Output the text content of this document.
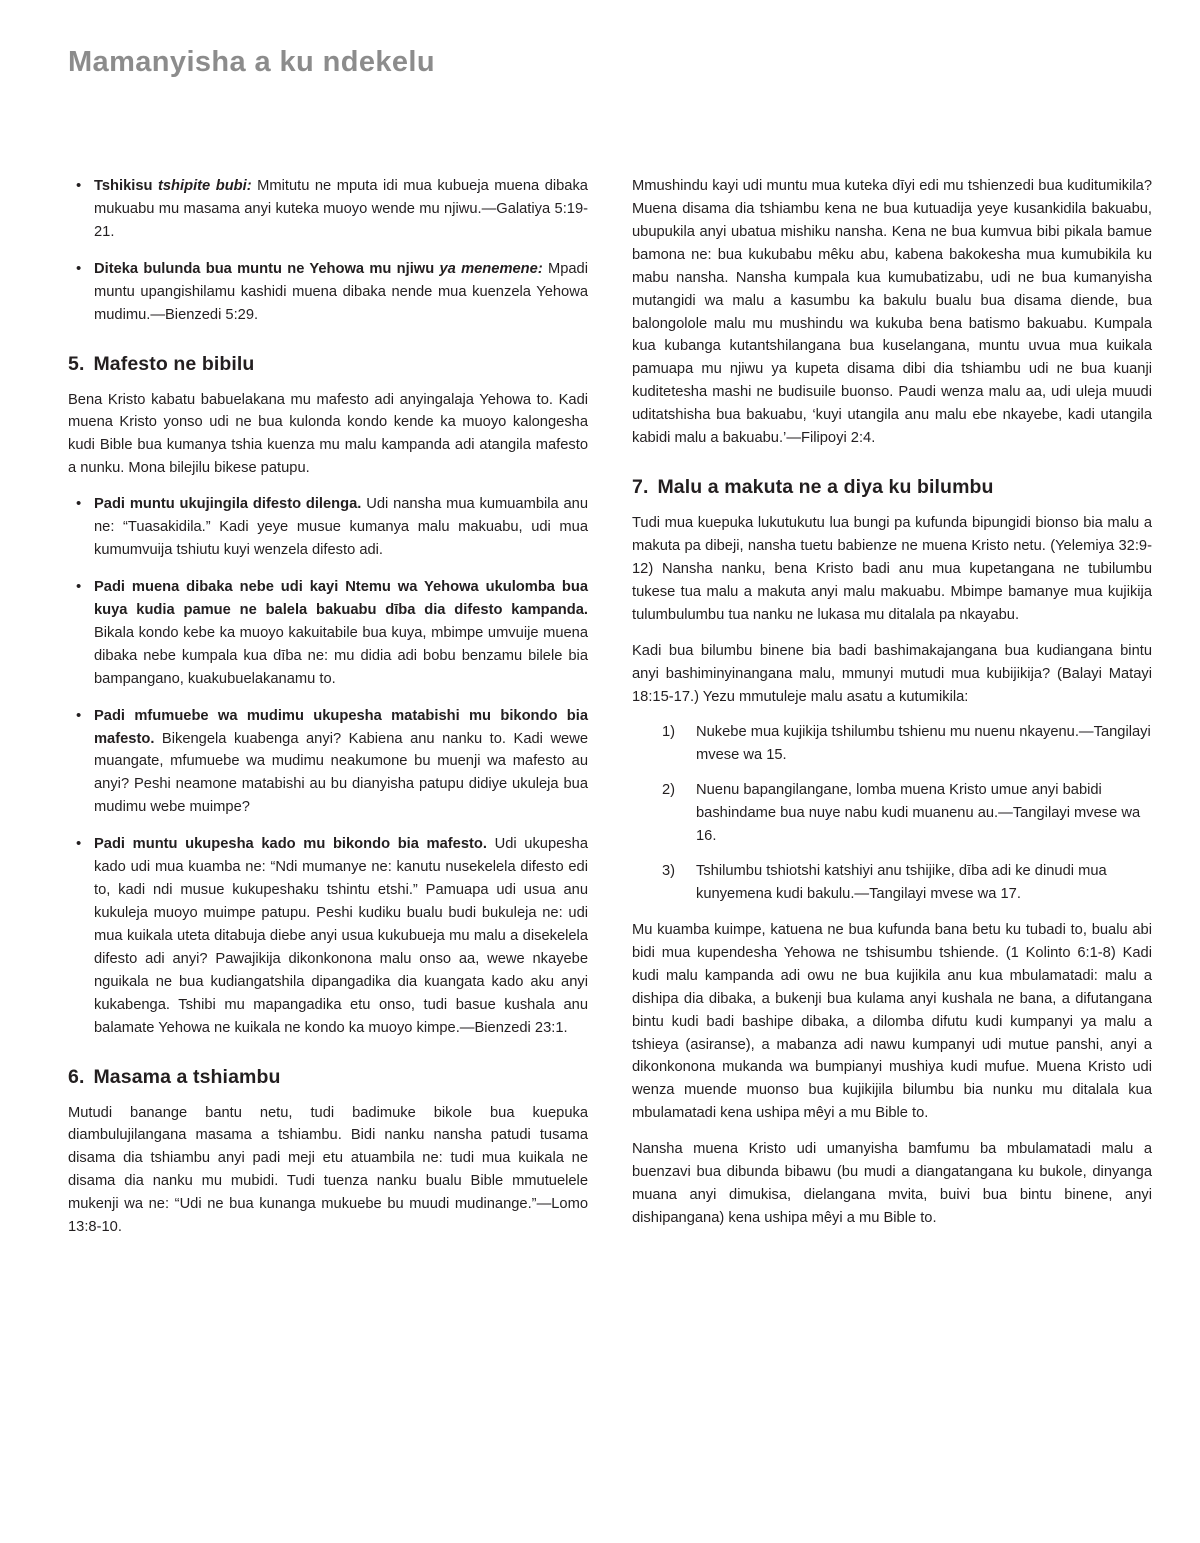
Mamanyisha a ku ndekelu
• Tshikisu tshipite bubi: Mmitutu ne mputa idi mua kubueja muena dibaka mukuabu mu masama anyi kuteka muoyo wende mu njiwu.—Galatiya 5:19-21.
• Diteka bulunda bua muntu ne Yehowa mu njiwu ya menemene: Mpadi muntu upangishilamu kashidi muena dibaka nende mua kuenzela Yehowa mudimu.—Bienzedi 5:29.
5. Mafesto ne bibilu

Bena Kristo kabatu babuelakana mu mafesto adi anyingalaja Yehowa to. Kadi muena Kristo yonso udi ne bua kulonda kondo kende ka muoyo kalongesha kudi Bible bua kumanya tshia kuenza mu malu kampanda adi atangila mafesto a nunku. Mona bilejilu bikese patupu.

• Padi muntu ukujingila difesto dilenga. Udi nansha mua kumuambila anu ne: “Tuasakidila.” Kadi yeye musue kumanya malu makuabu, udi mua kumumvuija tshiutu kuyi wenzela difesto adi.
• Padi muena dibaka nebe udi kayi Ntemu wa Yehowa ukulomba bua kuya kudia pamue ne balela bakuabu dība dia difesto kampanda. Bikala kondo kebe ka muoyo kakuitabile bua kuya, mbimpe umvuije muena dibaka nebe kumpala kua dība ne: mu didia adi bobu benzamu bilele bia bampangano, kuakubuelakanamu to.
• Padi mfumuebe wa mudimu ukupesha matabishi mu bikondo bia mafesto. Bikengela kuabenga anyi? Kabiena anu nanku to. Kadi wewe muangate, mfumuebe wa mudimu neakumone bu muenji wa mafesto au anyi? Peshi neamone matabishi au bu dianyisha patupu didiye ukuleja bua mudimu webe muimpe?
• Padi muntu ukupesha kado mu bikondo bia mafesto. Udi ukupesha kado udi mua kuamba ne: “Ndi mumanye ne: kanutu nusekelela difesto edi to, kadi ndi musue kukupeshaku tshintu etshi.” Pamuapa udi usua anu kukuleja muoyo muimpe patupu. Peshi kudiku bualu budi bukuleja ne: udi mua kuikala uteta ditabuja diebe anyi usua kukubueja mu malu a disekelela difesto adi anyi? Pawajikija dikonkonona malu onso aa, wewe nkayebe nguikala ne bua kudiangatshila dipangadika dia kuangata kado aku anyi kukabenga. Tshibi mu mapangadika etu onso, tudi basue kushala anu balamate Yehowa ne kuikala ne kondo ka muoyo kimpe.—Bienzedi 23:1.
6. Masama a tshiambu

Mutudi banange bantu netu, tudi badimuke bikole bua kuepuka diambulujilangana masama a tshiambu. Bidi nanku nansha patudi tusama disama dia tshiambu anyi padi meji etu atuambila ne: tudi mua kuikala ne disama dia nanku mu mubidi. Tudi tuenza nanku bualu Bible mmutuelele mukenji wa ne: “Udi ne bua kunanga mukuebe bu muudi mudinange.”—Lomo 13:8-10.

Mmushindu kayi udi muntu mua kuteka dīyi edi mu tshienzedi bua kuditumikila? Muena disama dia tshiambu kena ne bua kutuadija yeye kusankidila bakuabu, ubupukila anyi ubatua mishiku nansha. Kena ne bua kumvua bibi pikala bamue bamona ne: bua kukubabu mêku abu, kabena bakokesha mua kumubikila ku mabu nansha. Nansha kumpala kua kumubatizabu, udi ne bua kumanyisha mutangidi wa malu a kasumbu ka bakulu bualu bua disama diende, bua balongolole malu mu mushindu wa kukuba bena batismo bakuabu. Kumpala kua kubanga kutantshilangana bua kuselangana, muntu uvua mua kuikala pamuapa mu njiwu ya kupeta disama dibi dia tshiambu udi ne bua kuanji kuditetesha mashi ne budisuile buonso. Paudi wenza malu aa, udi uleja muudi uditatshisha bua bakuabu, ‘kuyi utangila anu malu ebe nkayebe, kadi utangila kabidi malu a bakuabu.’—Filipoyi 2:4.

7. Malu a makuta ne a diya ku bilumbu

Tudi mua kuepuka lukutukutu lua bungi pa kufunda bipungidi bionso bia malu a makuta pa dibeji, nansha tuetu babienze ne muena Kristo netu. (Yelemiya 32:9-12) Nansha nanku, bena Kristo badi anu mua kupetangana ne tubilumbu tukese tua malu a makuta anyi malu makuabu. Mbimpe bamanye mua kujikija tulumbulumbu tua nanku ne lukasa mu ditalala pa nkayabu.

Kadi bua bilumbu binene bia badi bashimakajangana bua kudiangana bintu anyi bashiminyinangana malu, mmunyi mutudi mua kubijikija? (Balayi Matayi 18:15-17.) Yezu mmutuleje malu asatu a kutumikila:

Nukebe mua kujikija tshilumbu tshienu mu nuenu nkayenu.—Tangilayi mvese wa 15.
Nuenu bapangilangane, lomba muena Kristo umue anyi babidi bashindame bua nuye nabu kudi muanenu au.—Tangilayi mvese wa 16.
Tshilumbu tshiotshi katshiyi anu tshijike, dība adi ke dinudi mua kunyemena kudi bakulu.—Tangilayi mvese wa 17.

Mu kuamba kuimpe, katuena ne bua kufunda bana betu ku tubadi to, bualu abi bidi mua kupendesha Yehowa ne tshisumbu tshiende. (1 Kolinto 6:1-8) Kadi kudi malu kampanda adi owu ne bua kujikila anu kua mbulamatadi: malu a dishipa dia dibaka, a bukenji bua kulama anyi kushala ne bana, a difutangana bintu kudi badi bashipe dibaka, a dilomba difutu kudi kumpanyi ya malu a tshieya (asiranse), a mabanza adi nawu kumpanyi udi mutue panshi, anyi a dikonkonona mukanda wa bumpianyi mushiya kudi mufue. Muena Kristo udi wenza muende muonso bua kujikijila bilumbu bia nunku mu ditalala kua mbulamatadi kena ushipa mêyi a mu Bible to.

Nansha muena Kristo udi umanyisha bamfumu ba mbulamatadi malu a buenzavi bua dibunda bibawu (bu mudi a diangatangana ku bukole, dinyanga muana anyi dimukisa, dielangana mvita, buivi bua bintu binene, anyi dishipangana) kena ushipa mêyi a mu Bible to.
